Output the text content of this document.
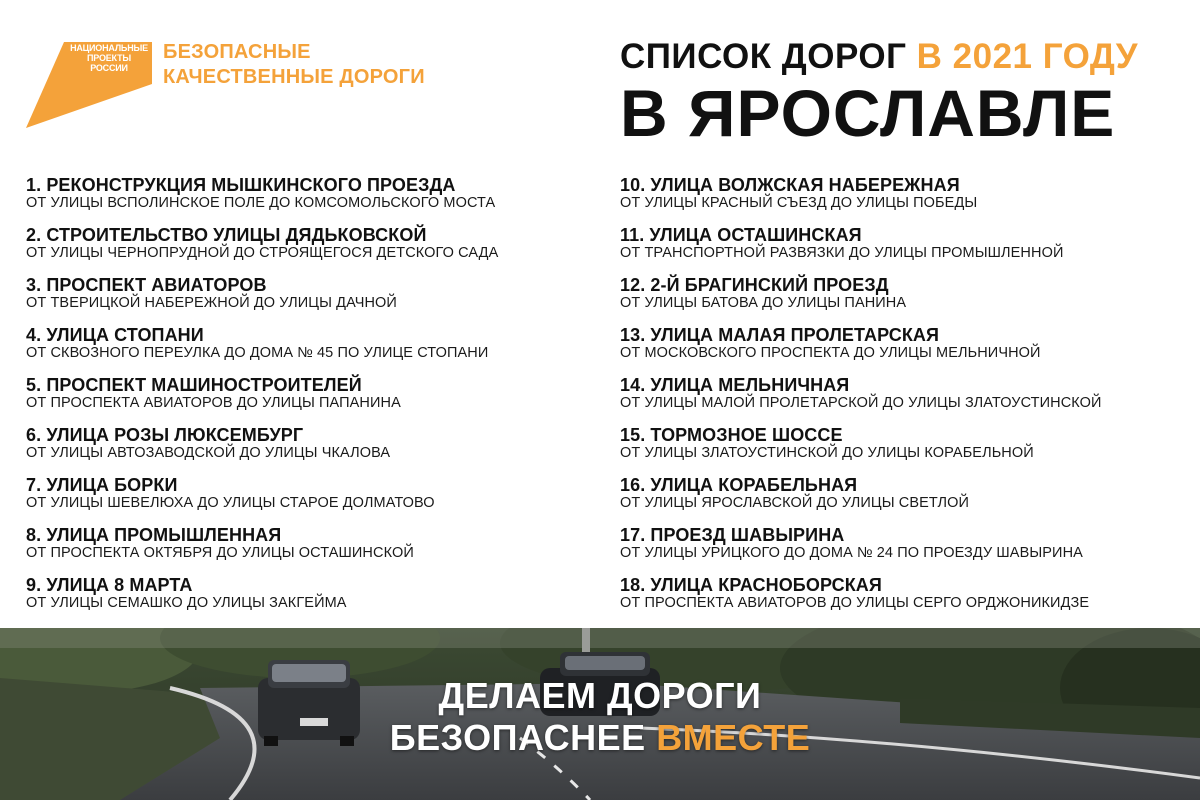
НАЦИОНАЛЬНЫЕ
ПРОЕКТЫ
РОССИИ
БЕЗОПАСНЫЕ
КАЧЕСТВЕННЫЕ ДОРОГИ
СПИСОК ДОРОГ В 2021 ГОДУ
В ЯРОСЛАВЛЕ
1. РЕКОНСТРУКЦИЯ МЫШКИНСКОГО ПРОЕЗДА
ОТ УЛИЦЫ ВСПОЛИНСКОЕ ПОЛЕ ДО КОМСОМОЛЬСКОГО МОСТА
2. СТРОИТЕЛЬСТВО УЛИЦЫ ДЯДЬКОВСКОЙ
ОТ УЛИЦЫ ЧЕРНОПРУДНОЙ ДО СТРОЯЩЕГОСЯ ДЕТСКОГО САДА
3. ПРОСПЕКТ АВИАТОРОВ
ОТ ТВЕРИЦКОЙ НАБЕРЕЖНОЙ ДО УЛИЦЫ ДАЧНОЙ
4. УЛИЦА СТОПАНИ
ОТ СКВОЗНОГО ПЕРЕУЛКА ДО ДОМА № 45 ПО УЛИЦЕ СТОПАНИ
5. ПРОСПЕКТ МАШИНОСТРОИТЕЛЕЙ
ОТ ПРОСПЕКТА АВИАТОРОВ ДО УЛИЦЫ ПАПАНИНА
6. УЛИЦА РОЗЫ ЛЮКСЕМБУРГ
ОТ УЛИЦЫ АВТОЗАВОДСКОЙ ДО УЛИЦЫ ЧКАЛОВА
7. УЛИЦА БОРКИ
ОТ УЛИЦЫ ШЕВЕЛЮХА ДО УЛИЦЫ СТАРОЕ ДОЛМАТОВО
8. УЛИЦА ПРОМЫШЛЕННАЯ
ОТ ПРОСПЕКТА ОКТЯБРЯ ДО УЛИЦЫ ОСТАШИНСКОЙ
9. УЛИЦА 8 МАРТА
ОТ УЛИЦЫ СЕМАШКО ДО УЛИЦЫ ЗАКГЕЙМА
10. УЛИЦА ВОЛЖСКАЯ НАБЕРЕЖНАЯ
ОТ УЛИЦЫ КРАСНЫЙ СЪЕЗД ДО УЛИЦЫ ПОБЕДЫ
11. УЛИЦА ОСТАШИНСКАЯ
ОТ ТРАНСПОРТНОЙ РАЗВЯЗКИ ДО УЛИЦЫ ПРОМЫШЛЕННОЙ
12. 2-Й БРАГИНСКИЙ ПРОЕЗД
ОТ УЛИЦЫ БАТОВА ДО УЛИЦЫ ПАНИНА
13. УЛИЦА МАЛАЯ ПРОЛЕТАРСКАЯ
ОТ МОСКОВСКОГО ПРОСПЕКТА ДО УЛИЦЫ МЕЛЬНИЧНОЙ
14. УЛИЦА МЕЛЬНИЧНАЯ
ОТ УЛИЦЫ МАЛОЙ ПРОЛЕТАРСКОЙ ДО УЛИЦЫ ЗЛАТОУСТИНСКОЙ
15. ТОРМОЗНОЕ ШОССЕ
ОТ УЛИЦЫ ЗЛАТОУСТИНСКОЙ ДО УЛИЦЫ КОРАБЕЛЬНОЙ
16. УЛИЦА КОРАБЕЛЬНАЯ
ОТ УЛИЦЫ ЯРОСЛАВСКОЙ ДО УЛИЦЫ СВЕТЛОЙ
17. ПРОЕЗД ШАВЫРИНА
ОТ УЛИЦЫ УРИЦКОГО ДО ДОМА № 24 ПО ПРОЕЗДУ ШАВЫРИНА
18. УЛИЦА КРАСНОБОРСКАЯ
ОТ ПРОСПЕКТА АВИАТОРОВ ДО УЛИЦЫ СЕРГО ОРДЖОНИКИДЗЕ
ДЕЛАЕМ ДОРОГИ
БЕЗОПАСНЕЕ ВМЕСТЕ
